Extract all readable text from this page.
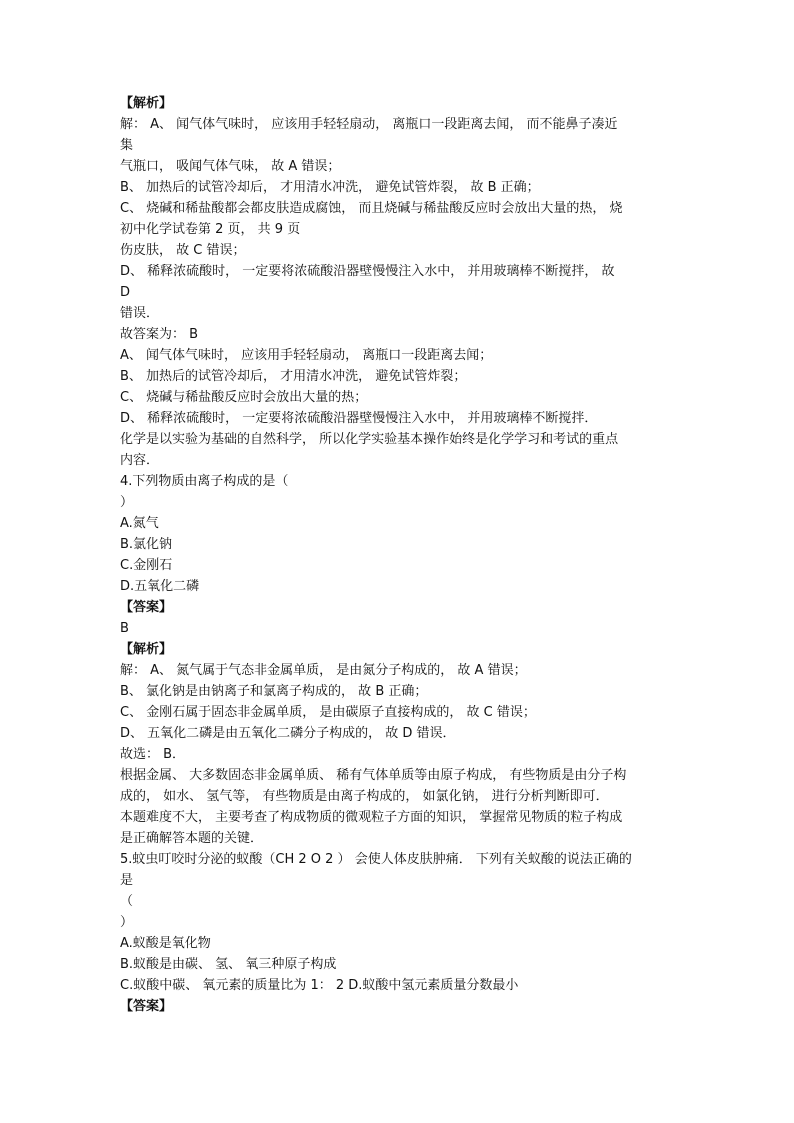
【解析】
解： A、 闻气体气味时， 应该用手轻轻扇动， 离瓶口一段距离去闻， 而不能鼻子凑近
集
气瓶口， 吸闻气体气味， 故 A 错误；
B、 加热后的试管冷却后， 才用清水冲洗， 避免试管炸裂， 故 B 正确；
C、 烧碱和稀盐酸都会都皮肤造成腐蚀， 而且烧碱与稀盐酸反应时会放出大量的热， 烧
初中化学试卷第 2 页， 共 9 页
伤皮肤， 故 C 错误；
D、 稀释浓硫酸时， 一定要将浓硫酸沿器壁慢慢注入水中， 并用玻璃棒不断搅拌， 故
D
错误．
故答案为： B
A、 闻气体气味时， 应该用手轻轻扇动， 离瓶口一段距离去闻；
B、 加热后的试管冷却后， 才用清水冲洗， 避免试管炸裂；
C、 烧碱与稀盐酸反应时会放出大量的热；
D、 稀释浓硫酸时， 一定要将浓硫酸沿器壁慢慢注入水中， 并用玻璃棒不断搅拌．
化学是以实验为基础的自然科学， 所以化学实验基本操作始终是化学学习和考试的重点
内容．
4.下列物质由离子构成的是（
）
A.氮气
B.氯化钠
C.金刚石
D.五氧化二磷
【答案】
B
【解析】
解： A、 氮气属于气态非金属单质， 是由氮分子构成的， 故 A 错误；
B、 氯化钠是由钠离子和氯离子构成的， 故 B 正确；
C、 金刚石属于固态非金属单质， 是由碳原子直接构成的， 故 C 错误；
D、 五氧化二磷是由五氧化二磷分子构成的， 故 D 错误．
故选： B．
根据金属、 大多数固态非金属单质、 稀有气体单质等由原子构成， 有些物质是由分子构
成的， 如水、 氢气等， 有些物质是由离子构成的， 如氯化钠， 进行分析判断即可．
本题难度不大， 主要考查了构成物质的微观粒子方面的知识， 掌握常见物质的粒子构成
是正确解答本题的关键．
5.蚊虫叮咬时分泌的蚁酸（CH 2 O 2 ） 会使人体皮肤肿痛． 下列有关蚁酸的说法正确的
是
（
）
A.蚁酸是氧化物
B.蚁酸是由碳、 氢、 氧三种原子构成
C.蚁酸中碳、 氧元素的质量比为 1： 2 D.蚁酸中氢元素质量分数最小
【答案】
